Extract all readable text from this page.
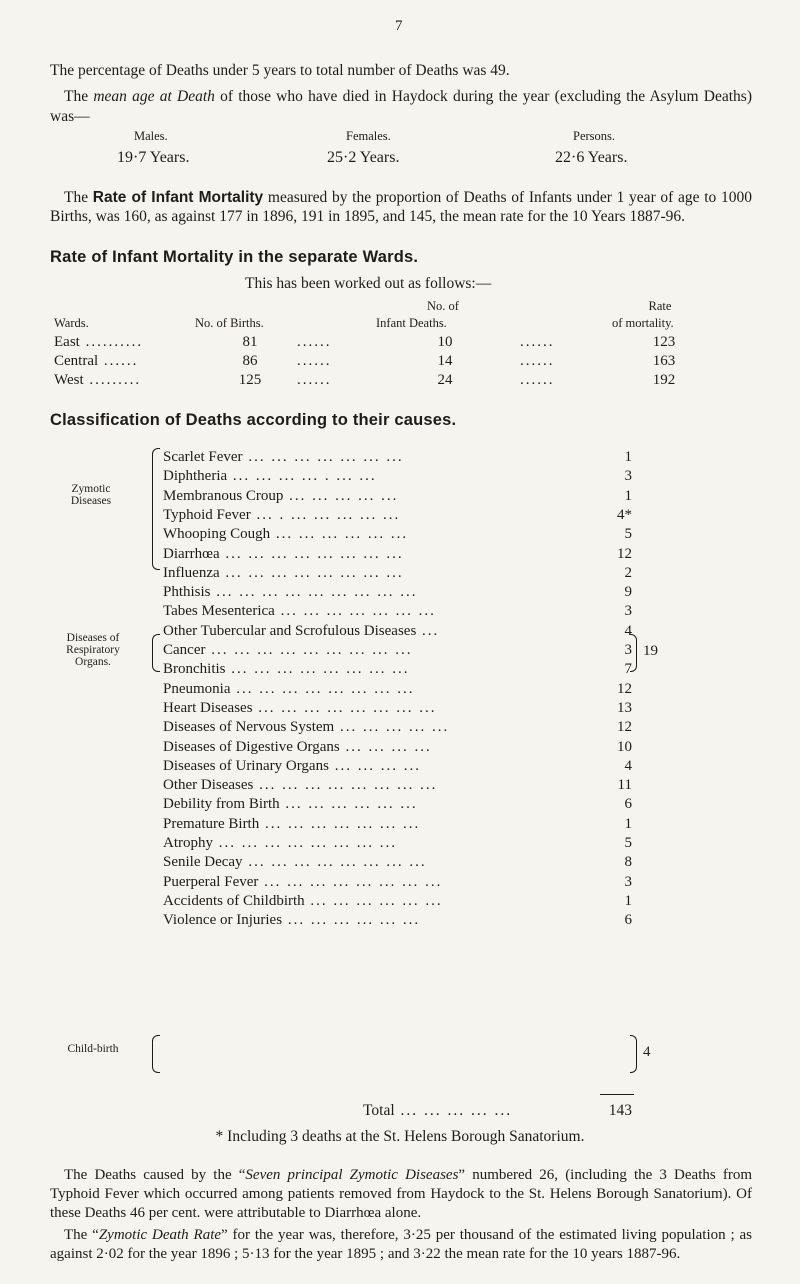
7
The percentage of Deaths under 5 years to total number of Deaths was 49.
The mean age at Death of those who have died in Haydock during the year (excluding the Asylum Deaths) was—
Males.	Females.	Persons.
19·7 Years.	25·2 Years.	22·6 Years.
The Rate of Infant Mortality measured by the proportion of Deaths of Infants under 1 year of age to 1000 Births, was 160, as against 177 in 1896, 191 in 1895, and 145, the mean rate for the 10 Years 1887-96.
Rate of Infant Mortality in the separate Wards.
This has been worked out as follows:—
Wards.	No. of Births.
No. of
Infant Deaths.
Rate
of mortality.
East ..........	81	......	10	......	123
Central ......	86	......	14	......	163
West .........	125 ......	24	......	192
Classification of Deaths according to their causes.
Zymotic Diseases
Diseases of Respiratory Organs.
Child-birth
Scarlet Fever ... ... ... ... ... ... ...	1
Diphtheria ... ... ... ... . ... ...	3
Membranous Croup ... ... ... ... ...	1
Typhoid Fever ... . ... ... ... ... ...	4*
Whooping Cough ... ... ... ... ... ...	5
Diarrhœa ... ... ... ... ... ... ... ...	12
Influenza ... ... ... ... ... ... ... ...	2
Phthisis ... ... ... ... ... ... ... ... ...	9
Tabes Mesenterica ... ... ... ... ... ... ...	3
Other Tubercular and Scrofulous Diseases ...	4
Cancer ... ... ... ... ... ... ... ... ...	3
Bronchitis ... ... ... ... ... ... ... ...	7
Pneumonia ... ... ... ... ... ... ... ...	12
Heart Diseases ... ... ... ... ... ... ... ...	13
Diseases of Nervous System ... ... ... ... ...	12
Diseases of Digestive Organs ... ... ... ...	10
Diseases of Urinary Organs ... ... ... ...	4
Other Diseases ... ... ... ... ... ... ... ...	11
Debility from Birth ... ... ... ... ... ...	6
Premature Birth ... ... ... ... ... ... ...	1
Atrophy ... ... ... ... ... ... ... ...	5
Senile Decay ... ... ... ... ... ... ... ...	8
Puerperal Fever ... ... ... ... ... ... ... ...	3
Accidents of Childbirth ... ... ... ... ... ...	1
Violence or Injuries ... ... ... ... ... ...	6
19
4
Total ... ... ... ... ...	143
* Including 3 deaths at the St. Helens Borough Sanatorium.
The Deaths caused by the “Seven principal Zymotic Diseases” numbered 26, (including the 3 Deaths from Typhoid Fever which occurred among patients removed from Haydock to the St. Helens Borough Sanatorium). Of these Deaths 46 per cent. were attributable to Diarrhœa alone.
The “Zymotic Death Rate” for the year was, therefore, 3·25 per thousand of the estimated living population ; as against 2·02 for the year 1896 ; 5·13 for the year 1895 ; and 3·22 the mean rate for the 10 years 1887-96.
